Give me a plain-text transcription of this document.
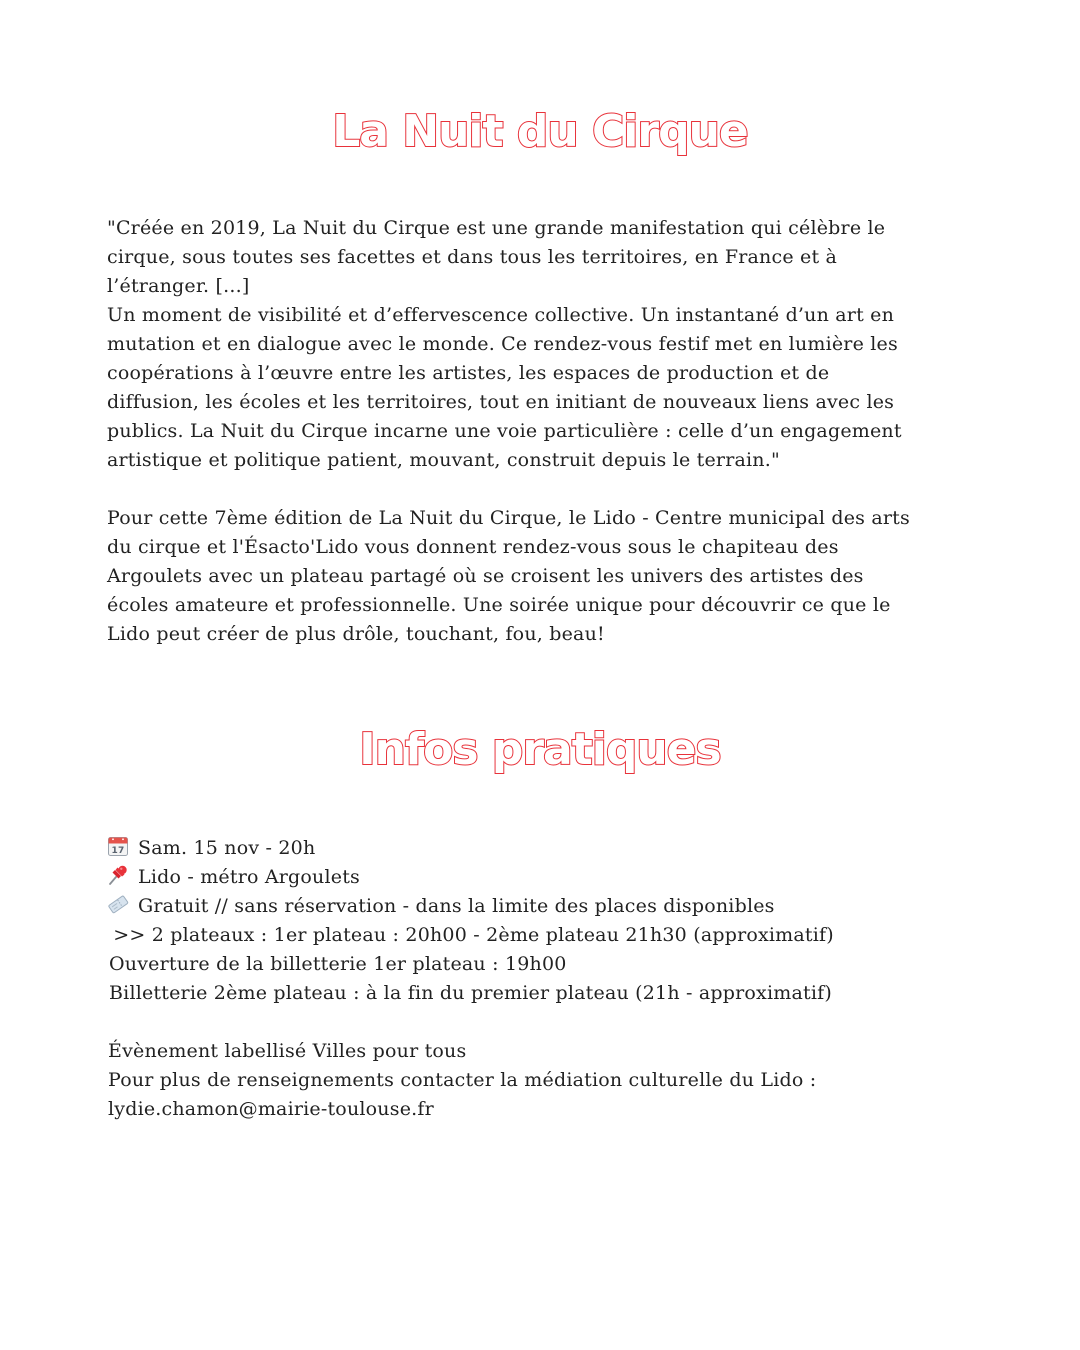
La Nuit du Cirque
"Créée en 2019, La Nuit du Cirque est une grande manifestation qui célèbre le
cirque, sous toutes ses facettes et dans tous les territoires, en France et à
l’étranger. [...]
Un moment de visibilité et d’effervescence collective. Un instantané d’un art en
mutation et en dialogue avec le monde. Ce rendez-vous festif met en lumière les
coopérations à l’œuvre entre les artistes, les espaces de production et de
diffusion, les écoles et les territoires, tout en initiant de nouveaux liens avec les
publics. La Nuit du Cirque incarne une voie particulière : celle d’un engagement
artistique et politique patient, mouvant, construit depuis le terrain."
Pour cette 7ème édition de La Nuit du Cirque, le Lido - Centre municipal des arts
du cirque et l'Ésacto'Lido vous donnent rendez-vous sous le chapiteau des
Argoulets avec un plateau partagé où se croisent les univers des artistes des
écoles amateure et professionnelle. Une soirée unique pour découvrir ce que le
Lido peut créer de plus drôle, touchant, fou, beau!
Infos pratiques
17 Sam. 15 nov - 20h
Lido - métro Argoulets
Gratuit // sans réservation - dans la limite des places disponibles
>> 2 plateaux : 1er plateau : 20h00 - 2ème plateau 21h30 (approximatif)
Ouverture de la billetterie 1er plateau : 19h00
Billetterie 2ème plateau : à la fin du premier plateau (21h - approximatif)
Évènement labellisé Villes pour tous
Pour plus de renseignements contacter la médiation culturelle du Lido :
lydie.chamon@mairie-toulouse.fr
